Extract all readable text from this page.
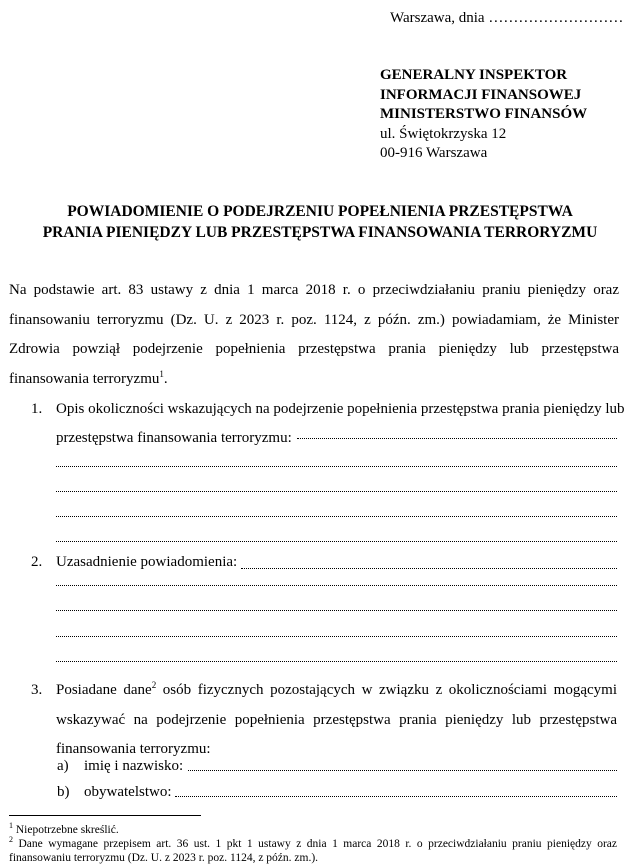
Warszawa, dnia ………………………
GENERALNY INSPEKTOR
INFORMACJI FINANSOWEJ
MINISTERSTWO FINANSÓW
ul. Świętokrzyska 12
00-916 Warszawa
POWIADOMIENIE O PODEJRZENIU POPEŁNIENIA PRZESTĘPSTWA
PRANIA PIENIĘDZY LUB PRZESTĘPSTWA FINANSOWANIA TERRORYZMU
Na podstawie art. 83 ustawy z dnia 1 marca 2018 r. o przeciwdziałaniu praniu pieniędzy oraz finansowaniu terroryzmu (Dz. U. z 2023 r. poz. 1124, z późn. zm.) powiadamiam, że Minister Zdrowia powziął podejrzenie popełnienia przestępstwa prania pieniędzy lub przestępstwa finansowania terroryzmu$^1$.
1. Opis okoliczności wskazujących na podejrzenie popełnienia przestępstwa prania pieniędzy lub
przestępstwa finansowania terroryzmu:
2. Uzasadnienie powiadomienia:
3. Posiadane dane$^2$ osób fizycznych pozostających w związku z okolicznościami mogącymi wskazywać na podejrzenie popełnienia przestępstwa prania pieniędzy lub przestępstwa finansowania terroryzmu:
a) imię i nazwisko:
b) obywatelstwo:
$^1$ Niepotrzebne skreślić.
$^2$ Dane wymagane przepisem art. 36 ust. 1 pkt 1 ustawy z dnia 1 marca 2018 r. o przeciwdziałaniu praniu pieniędzy oraz finansowaniu terroryzmu (Dz. U. z 2023 r. poz. 1124, z późn. zm.).
